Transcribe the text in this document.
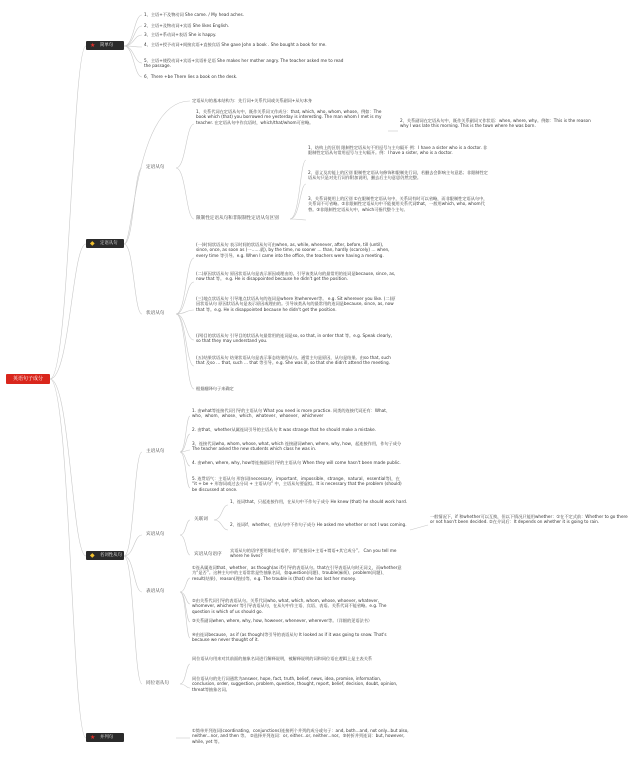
英语句子成分
★ 简单句
◆ 定语从句
◆ 名词性从句
★ 并列句
1、主语+不及物动词 She came. / My head aches.
2、主语+及物动词+宾语 She likes English.
3、主语+系动词+表语 She is happy.
4、主语+授予动词+间接宾语+直接宾语 She gave John a book . She bought a book for me.
5、主语+使役动词+宾语+宾语补足语 She makes her mother angry. The teacher asked me to read the passage.
6、There +be There lies a book on the desk.
定语从句的基本结构为：先行词+关系代词或关系副词+从句本身
定语从句
1、关系代词在定语从句中，既作关系词又作成分：that, which, who, whom, whose。例如：The book which (that) you borrowed me yesterday is interesting. The man whom I met is my teacher. 在定语从句中作宾语时，which/that/whom可省略。	2、关系副词在定语从句中，既作关系副词又作状语：when, where, why。例如：This is the reason why I was late this morning. This is the town where he was born.
限制性定语从句和非限制性定语从句区别
1、结构上的区别 限制性定语从句不用逗号与主句隔开 例：I have a sister who is a doctor. 非限制性定语从句常用逗号与主句隔开。例：I have a sister, who is a doctor.
2、意义及功能上的区别 限制性定语从句修饰和限制先行词，若删去会影响主句意思；非限制性定语从句只是对先行词作附加说明，删去后主句意思仍然完整。
3、关系词使用上的区别 ①在限制性定语从句中，关系词有时可以省略，而非限制性定语从句中，关系词不可省略。②非限制性定语从句中不能使用关系代词that，一般用which, who, whom代替。③非限制性定语从句中，which可指代整个主句。
状语从句
(一)时间状语从句 表示时间的状语从句可由when, as, while, whenever, after, before, till (until), since, once, as soon as (一……就), by the time, no sooner … than, hardly (scarcely) … when, every time 等引导。e.g. When I came into the office, the teachers were having a meeting.
(二)原因状语从句 原因状语从句是表示原因或理由的。引导该类从句的最常用的连词是because, since, as, now that 等。 e.g. He is disappointed because he didn't get the position.
(三)地点状语从句 引导地点状语从句的连词是where 和wherever等。 e.g. Sit wherever you like. (二)原因状语从句 原因状语从句是表示原因或理由的。引导该类从句的最常用的连词是because, since, as, now that 等。e.g. He is disappointed because he didn't get the position.
(四)目的状语从句 引导目的状语从句最常用的连词是so, so that, in order that 等。e.g. Speak clearly, so that they may understand you.
(五)结果状语从句 结果状语从句是表示事态结果的从句。通常主句是原因，从句是结果。由so that, such that 及so … that, such … that 等引导。e.g. She was ill, so that she didn't attend the meeting.
根据翻译句子来确定
主语从句
1. 由what等连接代词引导的主语从句 What you need is more practice. 同类的连接代词还有：What、who、whom、whose、which、whatever、whoever、whichever
2. 由that、whether从属连词引导的主语从句 It was strange that he should make a mistake.
3、连接代词who, whom, whose, what, which 连接副词when, where, why, how，起连接作用，作句子成分 The teacher asked the new students which class he was in.
4. 由when, where, why, how等连接副词引导的主语从句 When they will come hasn't been made public.
5. 连贯语气：主语从句 形容词(necessary、important、impossible、strange、natural、essential等)，在 “it + be + 形容词或过去分词 + 主语从句” 中，主语从句要虚拟。It is necessary that the problem (should) be discussed at once.
宾语从句
关联词
1、连词that，只起连接作用，在从句中不作句子成分 He knew (that) he should work hard.
2、连词if、whether，在从句中不作句子成分 He asked me whether or not I was coming.
一般情况下，if 和whether可以互换，但以下情况只能用whether：①在不定式前：Whether to go there or not hasn't been decided. ②在介词后：It depends on whether it is going to rain.
宾语从句语序
宾语从句的语序要用陈述句语序，即“连接词+主语+谓语+其它成分”。 Can you tell me where he lives?
表语从句
①连从属连词that、whether、as though(as if)引导的表语从句。that在引导表语从句时无词义，而whether意为“是否”。这种主句中的主语常常是些抽象名词，如question(问题)、trouble(麻烦)、problem(问题)、result(结果)、reason(理由)等。e.g. The trouble is (that) she has lost her money.
②由关系代词引导的表语从句。关系代词who, what, which, whom, whose, whoever, whatever, whomever, whichever 等引导表语从句，在从句中作主语、宾语、表语。关系代词不能省略。e.g. The question is which of us should go.
③关系副词when, where, why, how, however, whenever, wherever等。（详细的见语法书）
④由连词because，as if (as though)等引导的表语从句 It looked as if it was going to snow. That's because we never thought of it.
同位语从句
同位语从句用来对其前面的抽象名词进行解释说明，被解释说明的词和同位语在逻辑上是主表关系
同位语从句的先行词通常为answer, hope, fact, truth, belief, news, idea, promise, information, conclusion, order, suggestion, problem, question, thought, report, belief, decision, doubt, opinion, threat等抽象名词。
①简单并列连词(coordinating、conjunctions)连接两个并列的成分或句子：and, both...and, not only...but also, neither...nor, and then 等。 ②选择并列连词：or, either...or, neither...nor。③转折并列连词：but, however, while, yet 等。
